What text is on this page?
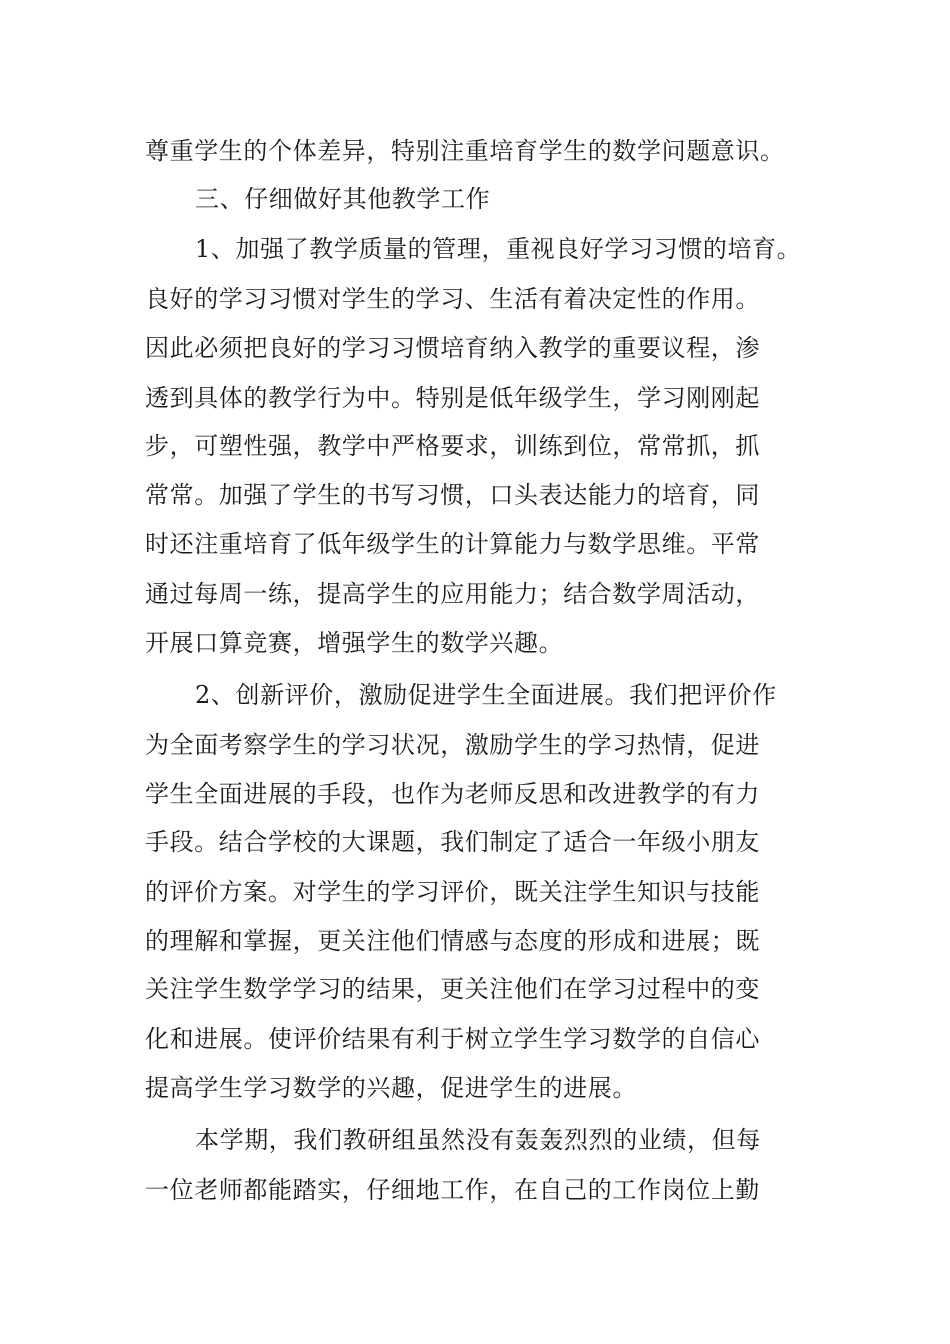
尊重学生的个体差异，特别注重培育学生的数学问题意识。
三、仔细做好其他教学工作
1、加强了教学质量的管理，重视良好学习习惯的培育。
良好的学习习惯对学生的学习、生活有着决定性的作用。
因此必须把良好的学习习惯培育纳入教学的重要议程，渗
透到具体的教学行为中。特别是低年级学生，学习刚刚起
步，可塑性强，教学中严格要求，训练到位，常常抓，抓
常常。加强了学生的书写习惯，口头表达能力的培育，同
时还注重培育了低年级学生的计算能力与数学思维。平常
通过每周一练，提高学生的应用能力；结合数学周活动，
开展口算竞赛，增强学生的数学兴趣。
2、创新评价，激励促进学生全面进展。我们把评价作
为全面考察学生的学习状况，激励学生的学习热情，促进
学生全面进展的手段，也作为老师反思和改进教学的有力
手段。结合学校的大课题，我们制定了适合一年级小朋友
的评价方案。对学生的学习评价，既关注学生知识与技能
的理解和掌握，更关注他们情感与态度的形成和进展；既
关注学生数学学习的结果，更关注他们在学习过程中的变
化和进展。使评价结果有利于树立学生学习数学的自信心
提高学生学习数学的兴趣，促进学生的进展。
本学期，我们教研组虽然没有轰轰烈烈的业绩，但每
一位老师都能踏实，仔细地工作，在自己的工作岗位上勤
